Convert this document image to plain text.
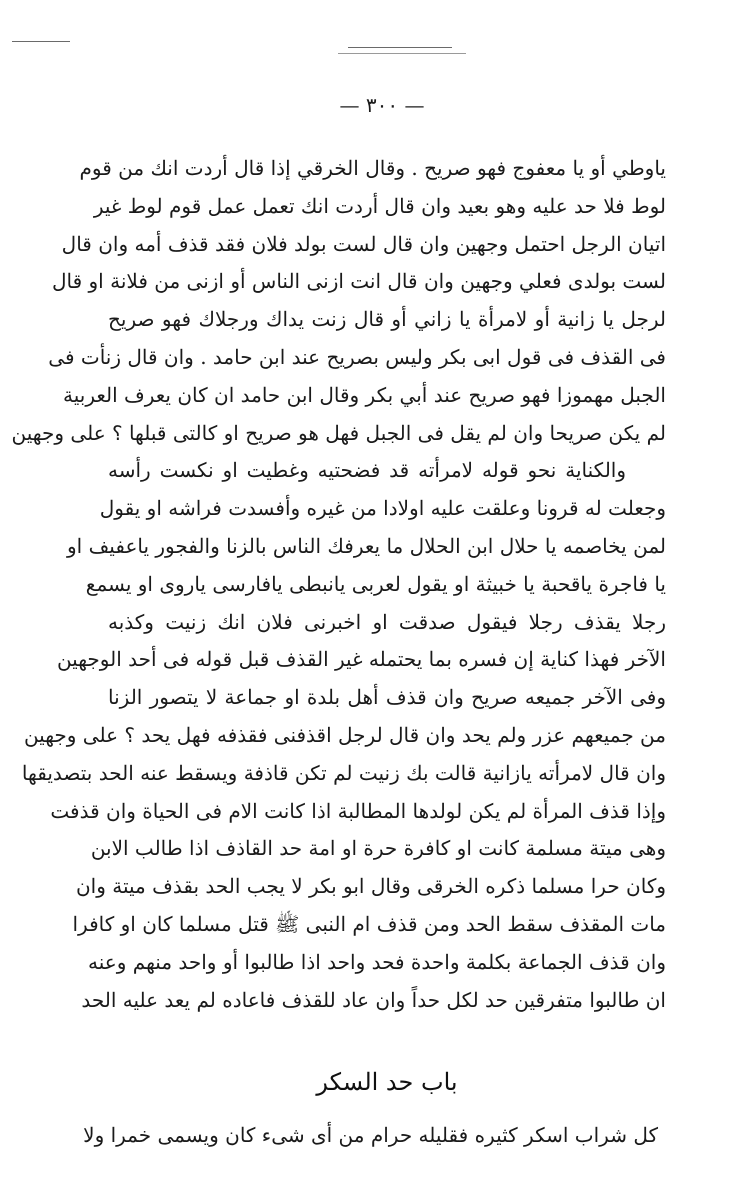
— ٣٠٠ —
ياوطي أو يا معفوج فهو صريح . وقال الخرقي إذا قال أردت انك من قوم
لوط فلا حد عليه وهو بعيد وان قال أردت انك تعمل عمل قوم لوط غير
اتيان الرجل احتمل وجهين وان قال لست بولد فلان فقد قذف أمه وان قال
لست بولدى فعلي وجهين وان قال انت ازنى الناس أو ازنى من فلانة او قال
لرجل يا زانية أو لامرأة يا زاني أو قال زنت يداك ورجلاك فهو صريح
فى القذف فى قول ابى بكر وليس بصريح عند ابن حامد . وان قال زنأت فى
الجبل مهموزا فهو صريح عند أبي بكر وقال ابن حامد ان كان يعرف العربية
لم يكن صريحا وان لم يقل فى الجبل فهل هو صريح او كالتى قبلها ؟ على وجهين
والكناية نحو قوله لامرأته قد فضحتيه وغطيت او نكست رأسه
وجعلت له قرونا وعلقت عليه اولادا من غيره وأفسدت فراشه او يقول
لمن يخاصمه يا حلال ابن الحلال ما يعرفك الناس بالزنا والفجور ياعفيف او
يا فاجرة ياقحبة يا خبيثة او يقول لعربى يانبطى يافارسى ياروى او يسمع
رجلا يقذف رجلا فيقول صدقت او اخبرنى فلان انك زنيت وكذبه
الآخر فهذا كناية إن فسره بما يحتمله غير القذف قبل قوله فى أحد الوجهين
وفى الآخر جميعه صريح وان قذف أهل بلدة او جماعة لا يتصور الزنا
من جميعهم عزر ولم يحد وان قال لرجل اقذفنى فقذفه فهل يحد ؟ على وجهين
وان قال لامرأته يازانية قالت بك زنيت لم تكن قاذفة ويسقط عنه الحد بتصديقها
وإذا قذف المرأة لم يكن لولدها المطالبة اذا كانت الام فى الحياة وان قذفت
وهى ميتة مسلمة كانت او كافرة حرة او امة حد القاذف اذا طالب الابن
وكان حرا مسلما ذكره الخرقى وقال ابو بكر لا يجب الحد بقذف ميتة وان
مات المقذف سقط الحد ومن قذف ام النبى ﷺ قتل مسلما كان او كافرا
وان قذف الجماعة بكلمة واحدة فحد واحد اذا طالبوا أو واحد منهم وعنه
ان طالبوا متفرقين حد لكل حداً وان عاد للقذف فاعاده لم يعد عليه الحد
باب حد السكر
كل شراب اسكر كثيره فقليله حرام من أى شىء كان ويسمى خمرا ولا
